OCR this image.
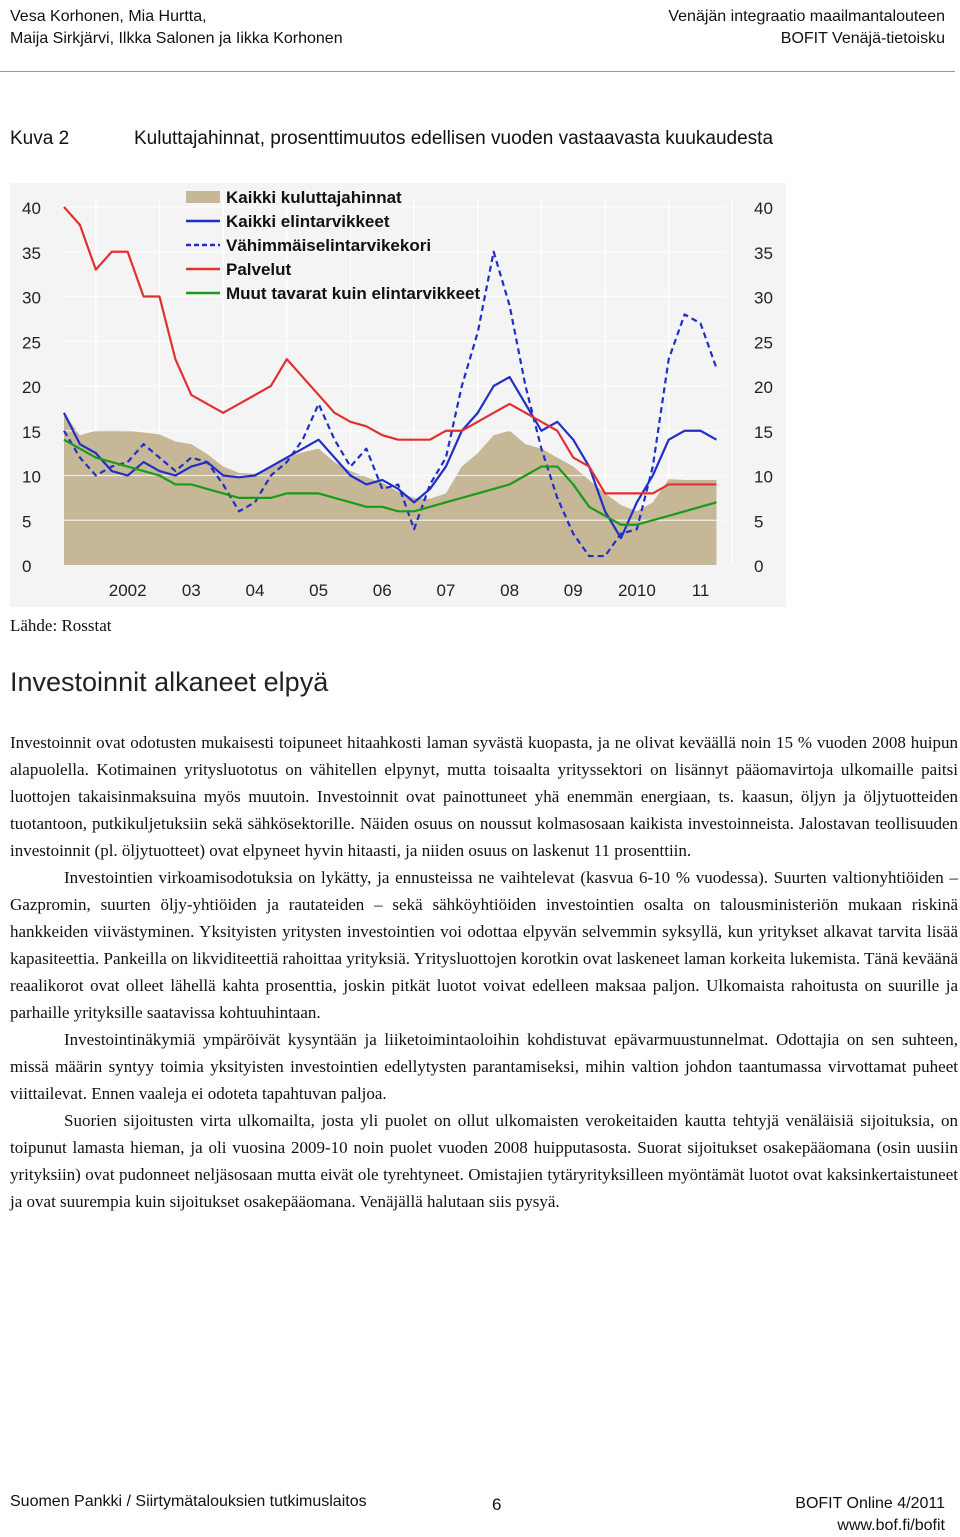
Vesa Korhonen, Mia Hurtta,
Maija Sirkjärvi, Ilkka Salonen ja Iikka Korhonen
Venäjän integraatio maailmantalouteen
BOFIT Venäjä-tietoisku
Kuva 2	Kuluttajahinnat, prosenttimuutos edellisen vuoden vastaavasta kuukaudesta
0	0
5	5
10	10
15	15
20	20
25	25
30	30
35	35
40	40
2002 03	04	05	06	07	08	09 2010 11
Kaikki kuluttajahinnat
Kaikki elintarvikkeet
Vähimmäiselintarvikekori
Palvelut
Muut tavarat kuin elintarvikkeet
Lähde: Rosstat
Investoinnit alkaneet elpyä

Investoinnit ovat odotusten mukaisesti toipuneet hitaahkosti laman syvästä kuopasta, ja ne olivat keväällä noin 15 % vuoden 2008 huipun alapuolella. Kotimainen yritysluototus on vähitellen elpynyt, mutta toisaalta yrityssektori on lisännyt pääomavirtoja ulkomaille paitsi luottojen takaisinmaksuina myös muutoin. Investoinnit ovat painottuneet yhä enemmän energiaan, ts. kaasun, öljyn ja öljytuotteiden tuotantoon, putkikuljetuksiin sekä sähkösektorille. Näiden osuus on noussut kolmasosaan kaikista investoinneista. Jalostavan teollisuuden investoinnit (pl. öljytuotteet) ovat elpyneet hyvin hitaasti, ja niiden osuus on laskenut 11 prosenttiin.

Investointien virkoamisodotuksia on lykätty, ja ennusteissa ne vaihtelevat (kasvua 6-10 % vuodessa). Suurten valtionyhtiöiden – Gazpromin, suurten öljy-yhtiöiden ja rautateiden – sekä sähköyhtiöiden investointien osalta on talousministeriön mukaan riskinä hankkeiden viivästyminen. Yksityisten yritysten investointien voi odottaa elpyvän selvemmin syksyllä, kun yritykset alkavat tarvita lisää kapasiteettia. Pankeilla on likviditeettiä rahoittaa yrityksiä. Yritysluottojen korotkin ovat laskeneet laman korkeita lukemista. Tänä keväänä reaalikorot ovat olleet lähellä kahta prosenttia, joskin pitkät luotot voivat edelleen maksaa paljon. Ulkomaista rahoitusta on suurille ja parhaille yrityksille saatavissa kohtuuhintaan.

Investointinäkymiä ympäröivät kysyntään ja liiketoimintaoloihin kohdistuvat epävarmuustunnelmat. Odottajia on sen suhteen, missä määrin syntyy toimia yksityisten investointien edellytysten parantamiseksi, mihin valtion johdon taantumassa virvottamat puheet viittailevat. Ennen vaaleja ei odoteta tapahtuvan paljoa.

Suorien sijoitusten virta ulkomailta, josta yli puolet on ollut ulkomaisten verokeitaiden kautta tehtyjä venäläisiä sijoituksia, on toipunut lamasta hieman, ja oli vuosina 2009-10 noin puolet vuoden 2008 huipputasosta. Suorat sijoitukset osakepääomana (osin uusiin yrityksiin) ovat pudonneet neljäsosaan mutta eivät ole tyrehtyneet. Omistajien tytäryrityksilleen myöntämät luotot ovat kaksinkertaistuneet ja ovat suurempia kuin sijoitukset osakepääomana. Venäjällä halutaan siis pysyä.

Suomen Pankki / Siirtymätalouksien tutkimuslaitos	6	BOFIT Online 4/2011
www.bof.fi/bofit
